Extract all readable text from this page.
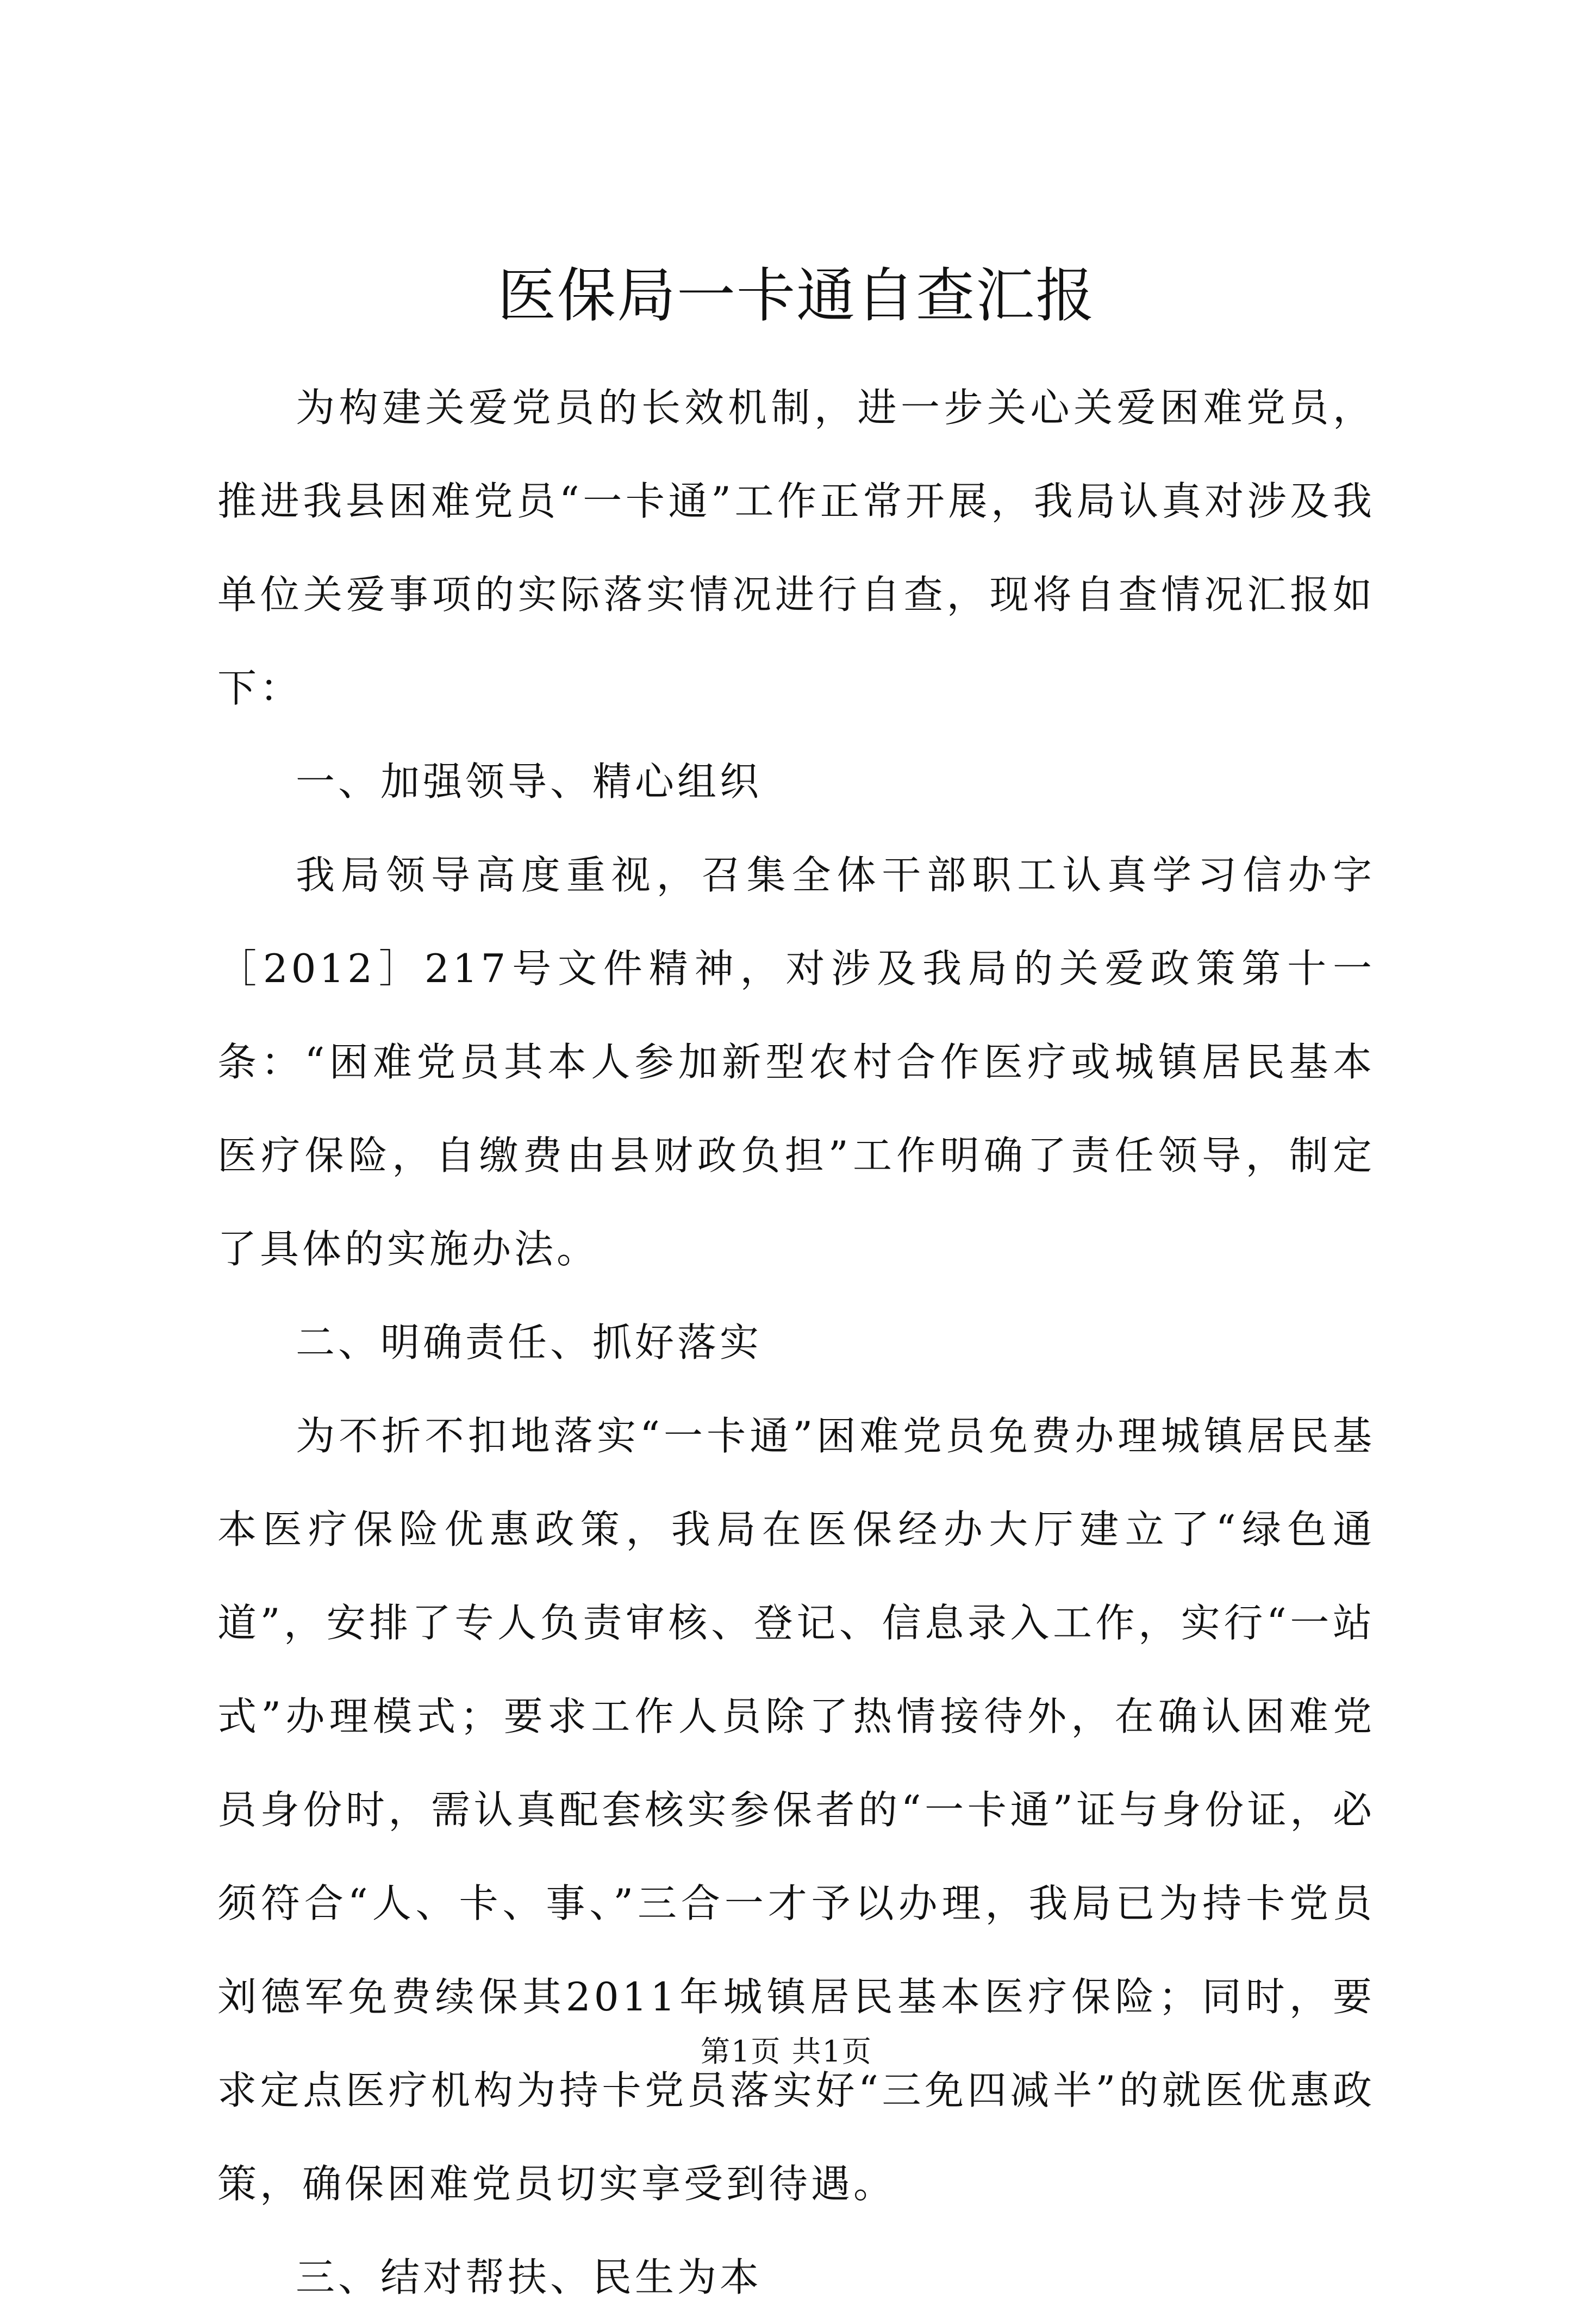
医保局一卡通自查汇报

为构建关爱党员的长效机制，进一步关心关爱困难党员，推进我县困难党员“一卡通”工作正常开展，我局认真对涉及我单位关爱事项的实际落实情况进行自查，现将自查情况汇报如下：

一、加强领导、精心组织

我局领导高度重视，召集全体干部职工认真学习信办字［2012］217号文件精神，对涉及我局的关爱政策第十一条：“困难党员其本人参加新型农村合作医疗或城镇居民基本医疗保险，自缴费由县财政负担”工作明确了责任领导，制定了具体的实施办法。

二、明确责任、抓好落实

为不折不扣地落实“一卡通”困难党员免费办理城镇居民基本医疗保险优惠政策，我局在医保经办大厅建立了“绿色通道”，安排了专人负责审核、登记、信息录入工作，实行“一站式”办理模式；要求工作人员除了热情接待外，在确认困难党员身份时，需认真配套核实参保者的“一卡通”证与身份证，必须符合“人、卡、事、”三合一才予以办理，我局已为持卡党员刘德军免费续保其2011年城镇居民基本医疗保险；同时，要求定点医疗机构为持卡党员落实好“三免四减半”的就医优惠政策，确保困难党员切实享受到待遇。

三、结对帮扶、民生为本

第1页 共1页
